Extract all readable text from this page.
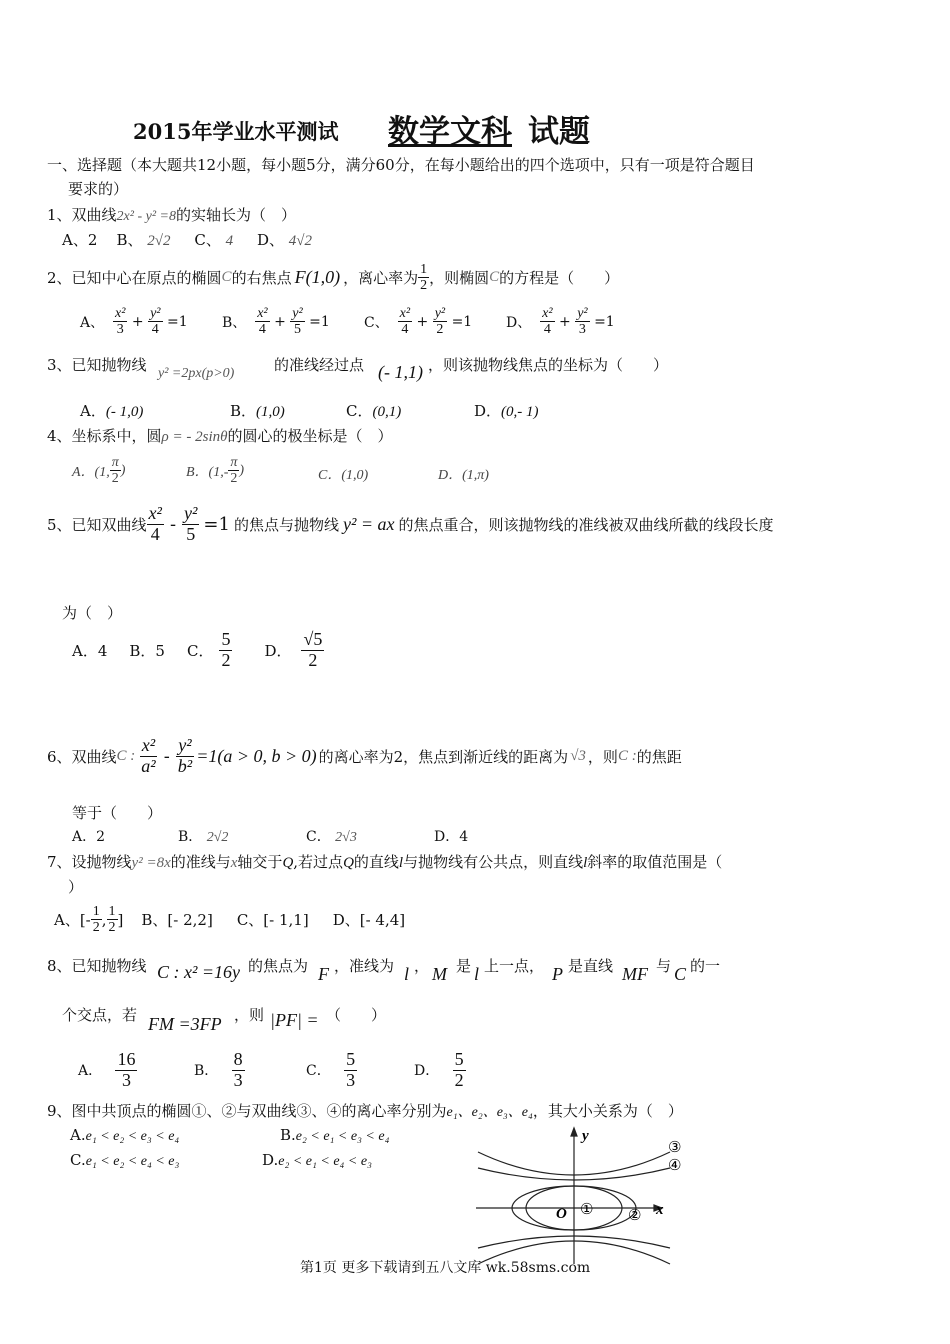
2015年学业水平测试 数学文科 试题
一、选择题（本大题共12小题，每小题5分，满分60分，在每小题给出的四个选项中，只有一项是符合题目
要求的）
1、双曲线2x² - y² =8的实轴长为（　）
A、2 B、 2√2 C、 4 D、 4√2
2、已知中心在原点的椭圆 C 的右焦点 F(1,0) ，离心率为 $\frac{1}{2}$ ，则椭圆 C 的方程是（　　）
A、
$\frac{\text{x²}}{3} + \frac{\text{y²}}{4}$
=1 B、
$\frac{\text{x²}}{4} + \frac{\text{y²}}{5}$
=1 C、
$\frac{\text{x²}}{4} + \frac{\text{y²}}{2}$
=1 D、
$\frac{\text{x²}}{4} + \frac{\text{y²}}{3}$
=1
3、已知抛物线 y² =2px(p>0)	的准线经过点 (- 1,1) ，则该抛物线焦点的坐标为（　　）
A．(- 1,0)	B．(1,0)	C．(0,1)	D．(0,- 1)
4、坐标系中，圆ρ = - 2sinθ的圆心的极坐标是（　）
A．(1, $\frac{\pi}{2}$ )	B．($1,- \frac{\pi}{2}$ )	C．(1,0)	D．(1,π)
5、已知双曲线 $\frac{\text{x²}}{4} - \frac{\text{y²}}{5} =1$ 的焦点与抛物线 y² = ax 的焦点重合，则该抛物线的准线被双曲线所截的线段长度
为（　）
A．4 B．5 C． $\frac{5}{2}$ D． $\frac{√5}{2}$
6、双曲线 C : $\frac{\text{x²}}{\text{a²}} - \frac{\text{y²}}{\text{b²}} =1(a > 0$, b > 0) 的离心率为2，焦点到渐近线的距离为 √3 ，则 C : 的焦距
等于（　　）
A．2	B． 2√2	C． 2√3	D．4
7、设抛物线y² =8x的准线与x轴交于Q,若过点Q的直线l与抛物线有公共点，则直线l斜率的取值范围是（
）
A、[- $\frac{1}{2}$ , $\frac{1}{2}$ ] B、[- 2,2] C、[- 1,1] D、[- 4,4]
8、已知抛物线 C : x² =16y 的焦点为 F ，准线为 l ， M 是 l 上一点， P 是直线 MF 与 C 的一
个交点，若 FM =3FP ，则 |PF| = （　　）
A．
$\frac{16}{3}$	B．
$\frac{8}{3}$	C．
$\frac{5}{3}$	D．
$\frac{5}{2}$
9、图中共顶点的椭圆①、②与双曲线③、④的离心率分别为e₁、e₂、e₃、e₄，其大小关系为（　）
A.e₁ < e₂ < e₃ < e₄	B.e₂ < e₁ < e₃ < e₄
C.e₁ < e₂ < e₄ < e₃	D.e₂ < e₁ < e₄ < e₃
y
x
O ① ②
③
④
第1页 更多下载请到五八文库 wk.58sms.com
